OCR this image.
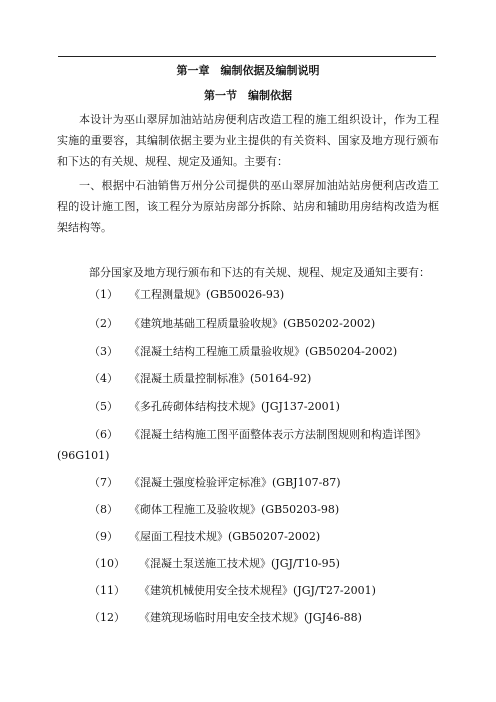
第一章　编制依据及编制说明
第一节　编制依据

本设计为巫山翠屏加油站站房便利店改造工程的施工组织设计，作为工程实施的重要容，其编制依据主要为业主提供的有关资料、国家及地方现行颁布和下达的有关规、规程、规定及通知。主要有：

一、根据中石油销售万州分公司提供的巫山翠屏加油站站房便利店改造工程的设计施工图，该工程分为原站房部分拆除、站房和辅助用房结构改造为框架结构等。

部分国家及地方现行颁布和下达的有关规、规程、规定及通知主要有：

（1） 《工程测量规》(GB50026-93)

（2） 《建筑地基础工程质量验收规》(GB50202-2002)

（3） 《混凝土结构工程施工质量验收规》(GB50204-2002)

（4） 《混凝土质量控制标准》(50164-92)

（5） 《多孔砖砌体结构技术规》(JGJ137-2001)

（6） 《混凝土结构施工图平面整体表示方法制图规则和构造详图》(96G101)

（7） 《混凝土强度检验评定标准》(GBJ107-87)

（8） 《砌体工程施工及验收规》(GB50203-98)

（9） 《屋面工程技术规》(GB50207-2002)

（10） 《混凝土泵送施工技术规》(JGJ/T10-95)

（11） 《建筑机械使用安全技术规程》(JGJ/T27-2001)

（12） 《建筑现场临时用电安全技术规》(JGJ46-88)
